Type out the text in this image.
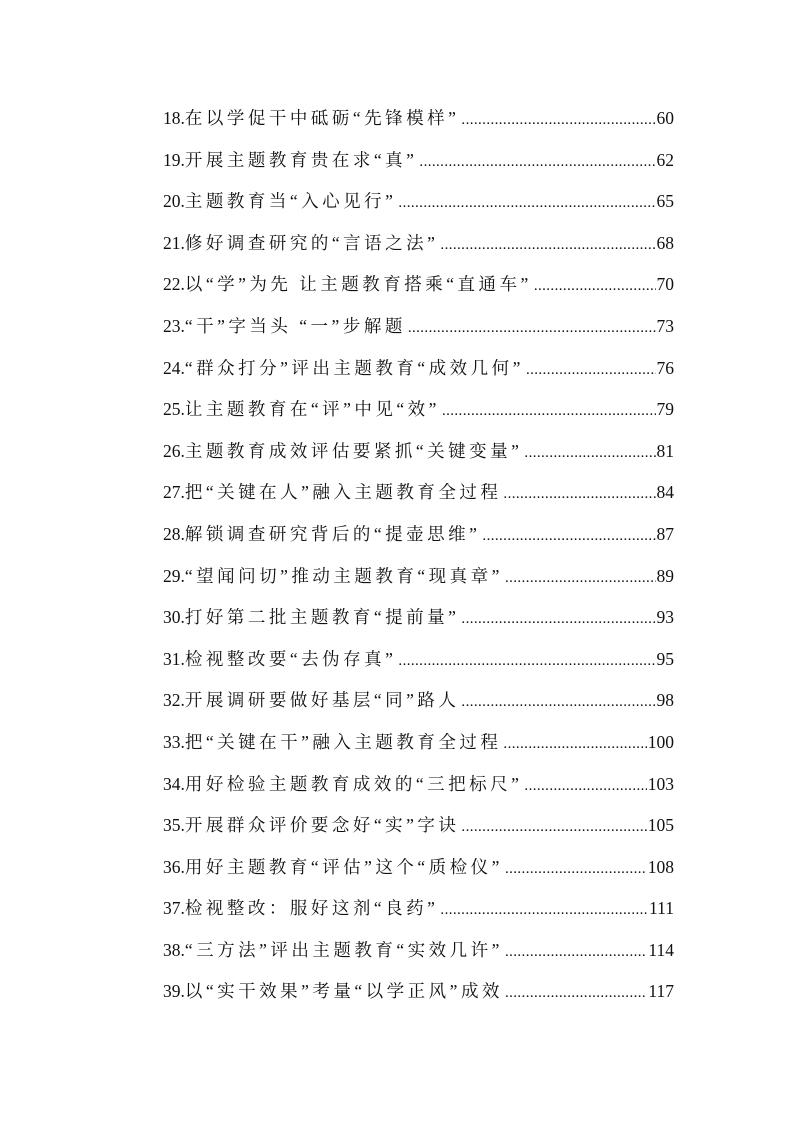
18. 在以学促干中砥砺“先锋模样” .....	60
19. 开展主题教育贵在求“真” .....	62
20. 主题教育当“入心见行” .....	65
21. 修好调查研究的“言语之法” .....	68
22. 以“学”为先 让主题教育搭乘“直通车” .....	70
23. “干”字当头 “一”步解题 .....	73
24. “群众打分”评出主题教育“成效几何” .....	76
25. 让主题教育在“评”中见“效” .....	79
26. 主题教育成效评估要紧抓“关键变量” .....	81
27. 把“关键在人”融入主题教育全过程 .....	84
28. 解锁调查研究背后的“提壶思维” .....	87
29. “望闻问切”推动主题教育“现真章” .....	89
30. 打好第二批主题教育“提前量” .....	93
31. 检视整改要“去伪存真” .....	95
32. 开展调研要做好基层“同”路人 .....	98
33. 把“关键在干”融入主题教育全过程 .....	100
34. 用好检验主题教育成效的“三把标尺” .....	103
35. 开展群众评价要念好“实”字诀 .....	105
36. 用好主题教育“评估”这个“质检仪” .....	108
37. 检视整改：服好这剂“良药” .....	111
38. “三方法”评出主题教育“实效几许” .....	114
39. 以“实干效果”考量“以学正风”成效 .....	117
